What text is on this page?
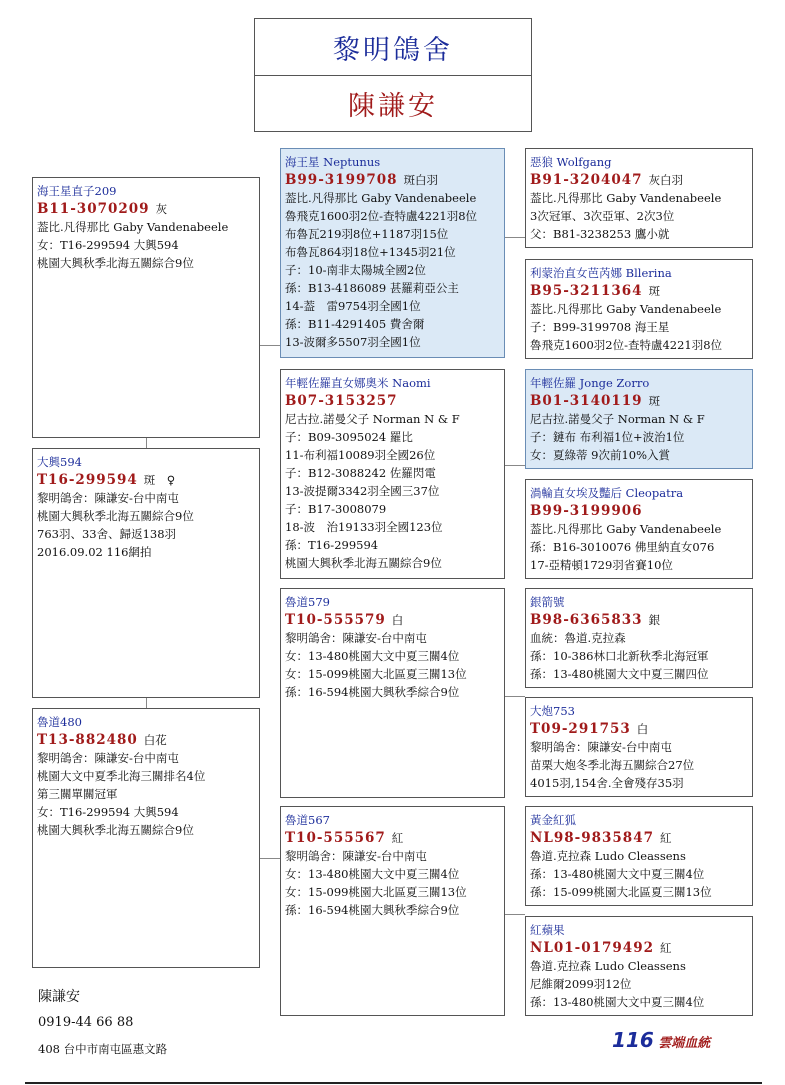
黎明鴿舍
陳謙安
海王星直子209
B11-3070209 灰
葢比.凡得那比 Gaby Vandenabeele
女：T16-299594 大興594
桃園大興秋季北海五關綜合9位
大興594
T16-299594 斑　♀
黎明鴿舍：陳謙安-台中南屯
桃園大興秋季北海五關綜合9位
763羽、33舍、歸返138羽
2016.09.02 116網拍
魯道480
T13-882480 白花
黎明鴿舍：陳謙安-台中南屯
桃園大文中夏季北海三關排名4位
第三關單關冠軍
女：T16-299594 大興594
桃園大興秋季北海五關綜合9位
海王星 Neptunus
B99-3199708 斑白羽
葢比.凡得那比 Gaby Vandenabeele
魯飛克1600羽2位-查特盧4221羽8位
布魯瓦219羽8位+1187羽15位
布魯瓦864羽18位+1345羽21位
子：10-南非太陽城全國2位
孫：B13-4186089 甚羅莉亞公主
14-葢　雷9754羽全國1位
孫：B11-4291405 費舍爾
13-波爾多5507羽全國1位
年輕佐羅直女娜奧米 Naomi
B07-3153257
尼古拉.諾曼父子 Norman N & F
子：B09-3095024 羅比
11-布利福10089羽全國26位
子：B12-3088242 佐羅閃電
13-波提爾3342羽全國三37位
子：B17-3008079
18-波　治19133羽全國123位
孫：T16-299594
桃園大興秋季北海五關綜合9位
魯道579
T10-555579 白
黎明鴿舍：陳謙安-台中南屯
女：13-480桃園大文中夏三關4位
女：15-099桃園大北區夏三關13位
孫：16-594桃園大興秋季綜合9位
魯道567
T10-555567 紅
黎明鴿舍：陳謙安-台中南屯
女：13-480桃園大文中夏三關4位
女：15-099桃園大北區夏三關13位
孫：16-594桃園大興秋季綜合9位
惡狼 Wolfgang
B91-3204047 灰白羽
葢比.凡得那比 Gaby Vandenabeele
3次冠軍、3次亞軍、2次3位
父：B81-3238253 鷹小就
利蒙治直女芭芮娜 Bllerina
B95-3211364 斑
葢比.凡得那比 Gaby Vandenabeele
子：B99-3199708 海王星
魯飛克1600羽2位-查特盧4221羽8位
年輕佐羅 Jonge Zorro
B01-3140119 斑
尼古拉.諾曼父子 Norman N & F
子：鏈布 布利福1位+波治1位
女：夏綠蒂 9次前10%入賞
渦輪直女埃及豔后 Cleopatra
B99-3199906
葢比.凡得那比 Gaby Vandenabeele
孫：B16-3010076 佛里納直女076
17-亞精頓1729羽省賽10位
銀箭號
B98-6365833 銀
血統：魯道.克拉森
孫：10-386林口北新秋季北海冠軍
孫：13-480桃園大文中夏三關四位
大炮753
T09-291753 白
黎明鴿舍：陳謙安-台中南屯
苗栗大炮冬季北海五關綜合27位
4015羽,154舍.全會殘存35羽
黃金紅狐
NL98-9835847 紅
魯道.克拉森 Ludo Cleassens
孫：13-480桃園大文中夏三關4位
孫：15-099桃園大北區夏三關13位
紅蘋果
NL01-0179492 紅
魯道.克拉森 Ludo Cleassens
尼維爾2099羽12位
孫：13-480桃園大文中夏三關4位
陳謙安
0919-44 66 88
408 台中市南屯區惠文路	116 雲端血統
